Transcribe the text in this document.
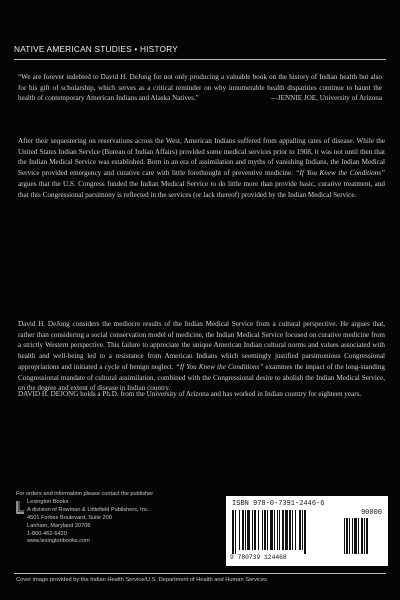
NATIVE AMERICAN STUDIES • HISTORY

“We are forever indebted to David H. DeJong for not only producing a valuable book on the history of Indian health but also for his gift of scholarship, which serves as a critical reminder on why innumerable health disparities continue to haunt the health of contemporary American Indians and Alaska Natives.”	—JENNIE JOE, University of Arizona

After their sequestering on reservations across the West, American Indians suffered from appalling rates of disease. While the United States Indian Service (Bureau of Indian Affairs) provided some medical services prior to 1908, it was not until then that the Indian Medical Service was established. Born in an era of assimilation and myths of vanishing Indians, the Indian Medical Service provided emergency and curative care with little forethought of preventive medicine. “If You Knew the Conditions” argues that the U.S. Congress funded the Indian Medical Service to do little more than provide basic, curative treatment, and that this Congressional parsimony is reflected in the services (or lack thereof) provided by the Indian Medical Service.

David H. DeJong considers the mediocre results of the Indian Medical Service from a cultural perspective. He argues that, rather than considering a social conservation model of medicine, the Indian Medical Service focused on curative medicine from a strictly Western perspective. This failure to appreciate the unique American Indian cultural norms and values associated with health and well-being led to a resistance from American Indians which seemingly justified parsimonious Congressional appropriations and initiated a cycle of benign neglect. “If You Knew the Conditions” examines the impact of the long-standing Congressional mandate of cultural assimilation, combined with the Congressional desire to abolish the Indian Medical Service, on the degree and extent of disease in Indian country.

DAVID H. DEJONG holds a Ph.D. from the University of Arizona and has worked in Indian country for eighteen years.

For orders and information please contact the publisher
Lexington Books
A division of Rowman & Littlefield Publishers, Inc.
4501 Forbes Boulevard, Suite 200
Lanham, Maryland 20706
1-800-462-6420
www.lexingtonbooks.com
ISBN 978-0-7391-2446-6
90000
9 780739 124468
Cover image provided by the Indian Health Service/U.S. Department of Health and Human Services
